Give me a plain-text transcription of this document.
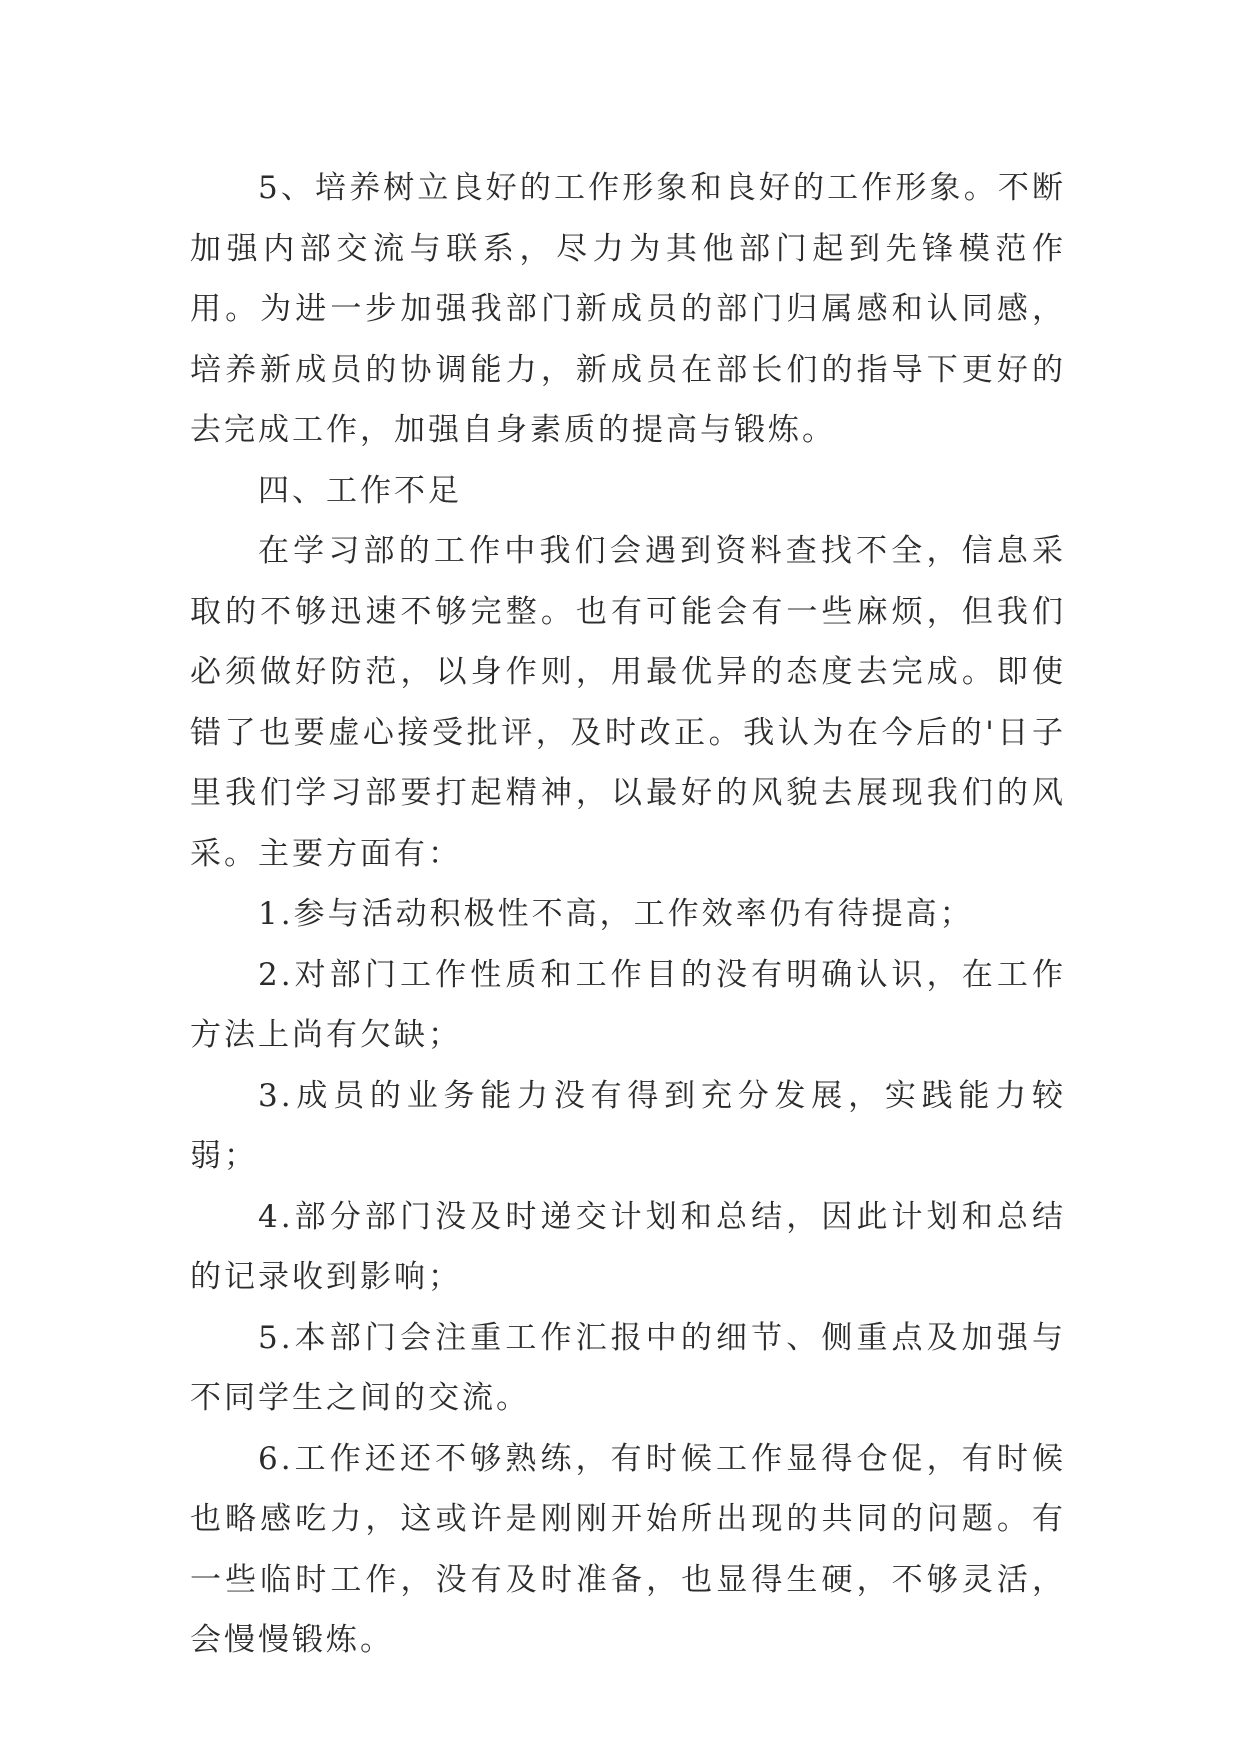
5、培养树立良好的工作形象和良好的工作形象。不断加强内部交流与联系，尽力为其他部门起到先锋模范作用。为进一步加强我部门新成员的部门归属感和认同感，培养新成员的协调能力，新成员在部长们的指导下更好的去完成工作，加强自身素质的提高与锻炼。

四、工作不足

在学习部的工作中我们会遇到资料查找不全，信息采取的不够迅速不够完整。也有可能会有一些麻烦，但我们必须做好防范，以身作则，用最优异的态度去完成。即使错了也要虚心接受批评，及时改正。我认为在今后的'日子里我们学习部要打起精神，以最好的风貌去展现我们的风采。主要方面有：

1.参与活动积极性不高，工作效率仍有待提高；

2.对部门工作性质和工作目的没有明确认识，在工作方法上尚有欠缺；

3.成员的业务能力没有得到充分发展，实践能力较弱；

4.部分部门没及时递交计划和总结，因此计划和总结的记录收到影响；

5.本部门会注重工作汇报中的细节、侧重点及加强与不同学生之间的交流。

6.工作还还不够熟练，有时候工作显得仓促，有时候也略感吃力，这或许是刚刚开始所出现的共同的问题。有一些临时工作，没有及时准备，也显得生硬，不够灵活，会慢慢锻炼。
